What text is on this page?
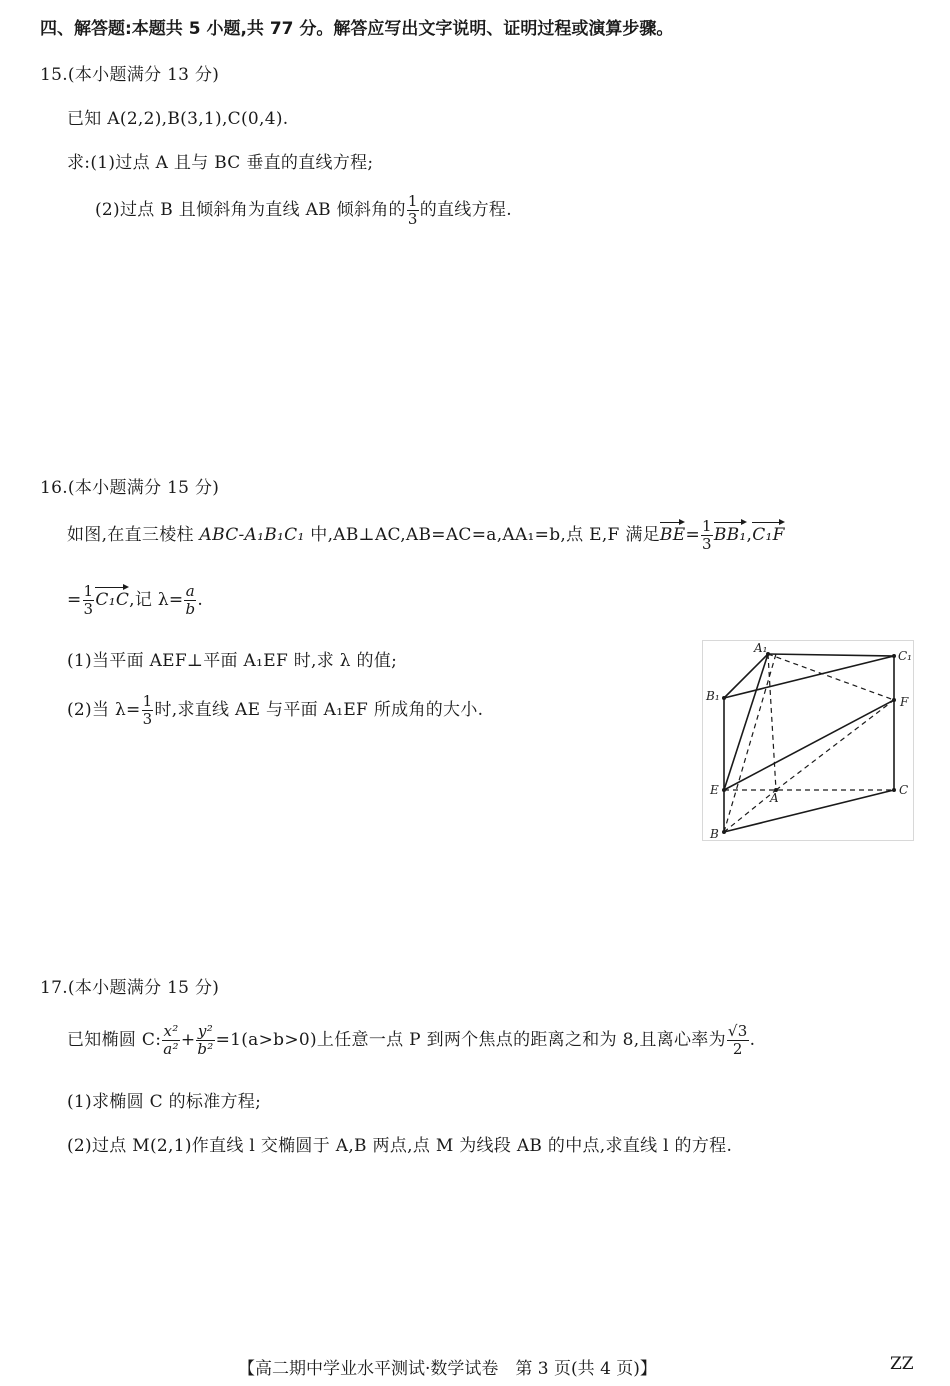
四、解答题:本题共 5 小题,共 77 分。解答应写出文字说明、证明过程或演算步骤。
15.(本小题满分 13 分)
已知 A(2,2),B(3,1),C(0,4).
求:(1)过点 A 且与 BC 垂直的直线方程;
(2)过点 B 且倾斜角为直线 AB 倾斜角的 $\frac{1}{3}$ 的直线方程.
16.(本小题满分 15 分)
如图,在直三棱柱 ABC-A₁B₁C₁ 中,AB⊥AC,AB=AC=a,AA₁=b,点 E,F 满足$BE= \frac{1}{3} BB_1,C_1F$
= $\frac{1}{3} C_1C$,记 $\lambda= \frac{a}{b}$ .
(1)当平面 AEF⊥平面 A₁EF 时,求 λ 的值;
(2)当 $\lambda= \frac{1}{3}$ 时,求直线 AE 与平面 A₁EF 所成角的大小.
A₁
C₁
B₁	F
E
A
C
B
17.(本小题满分 15 分)
已知椭圆 C: $\frac{\text{x²}}{\text{a²}} + \frac{\text{y²}}{\text{b²}} =1(a>b>0)$上任意一点 P 到两个焦点的距离之和为 8,且离心率为 $\frac{√3}{2}$ .
(1)求椭圆 C 的标准方程;
(2)过点 M(2,1)作直线 l 交椭圆于 A,B 两点,点 M 为线段 AB 的中点,求直线 l 的方程.
【高二期中学业水平测试·数学试卷　第 3 页(共 4 页)】	ZZ
